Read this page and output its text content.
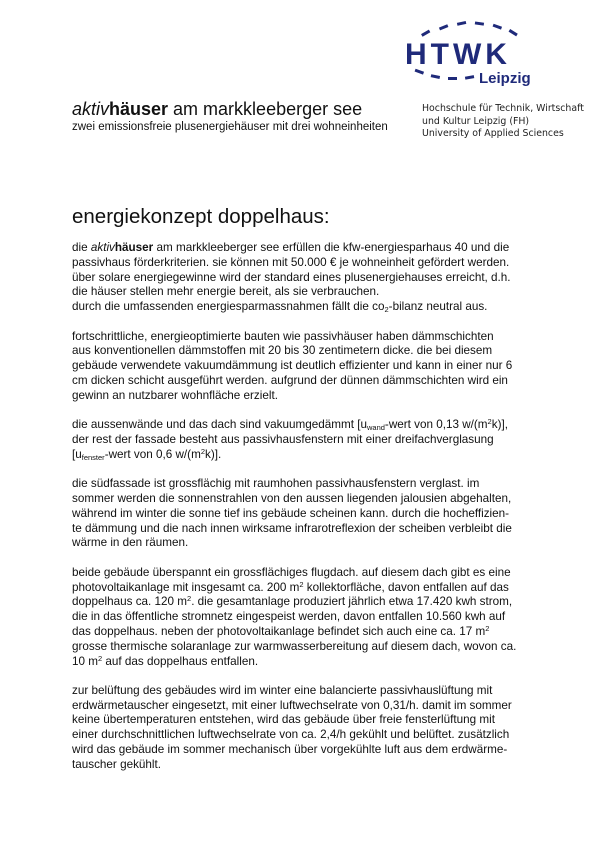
HTWK
Leipzig
aktivhäuser am markkleeberger see
zwei emissionsfreie plusenergiehäuser mit drei wohneinheiten
Hochschule für Technik, Wirtschaft
und Kultur Leipzig (FH)
University of Applied Sciences
energiekonzept doppelhaus:

die aktivhäuser am markkleeberger see erfüllen die kfw-energiesparhaus 40 und die
passivhaus förderkriterien. sie können mit 50.000 € je wohneinheit gefördert werden.
über solare energiegewinne wird der standard eines plusenergiehauses erreicht, d.h.
die häuser stellen mehr energie bereit, als sie verbrauchen.
durch die umfassenden energiesparmassnahmen fällt die $co_2$-bilanz neutral aus.

fortschrittliche, energieoptimierte bauten wie passivhäuser haben dämmschichten
aus konventionellen dämmstoffen mit 20 bis 30 zentimetern dicke. die bei diesem
gebäude verwendete vakuumdämmung ist deutlich effizienter und kann in einer nur 6
cm dicken schicht ausgeführt werden. aufgrund der dünnen dämmschichten wird ein
gewinn an nutzbarer wohnfläche erzielt.

die aussenwände und das dach sind vakuumgedämmt [$u_{wand}$-wert von 0,13 $w/(m^2k)$],
der rest der fassade besteht aus passivhausfenstern mit einer dreifachverglasung
[$u_{fenster}$-wert von 0,6 $w/(m^2k)$].

die südfassade ist grossflächig mit raumhohen passivhausfenstern verglast. im
sommer werden die sonnenstrahlen von den aussen liegenden jalousien abgehalten,
während im winter die sonne tief ins gebäude scheinen kann. durch die hocheffizien-
te dämmung und die nach innen wirksame infrarotreflexion der scheiben verbleibt die
wärme in den räumen.

beide gebäude überspannt ein grossflächiges flugdach. auf diesem dach gibt es eine
photovoltaikanlage mit insgesamt ca. 200 $m^2$ kollektorfläche, davon entfallen auf das
doppelhaus ca. 120 $m^2$. die gesamtanlage produziert jährlich etwa 17.420 kwh strom,
die in das öffentliche stromnetz eingespeist werden, davon entfallen 10.560 kwh auf
das doppelhaus. neben der photovoltaikanlage befindet sich auch eine ca. 17 $m^2$
grosse thermische solaranlage zur warmwasserbereitung auf diesem dach, wovon ca.
10 $m^2$ auf das doppelhaus entfallen.

zur belüftung des gebäudes wird im winter eine balancierte passivhauslüftung mit
erdwärmetauscher eingesetzt, mit einer luftwechselrate von 0,31/h. damit im sommer
keine übertemperaturen entstehen, wird das gebäude über freie fensterlüftung mit
einer durchschnittlichen luftwechselrate von ca. 2,4/h gekühlt und belüftet. zusätzlich
wird das gebäude im sommer mechanisch über vorgekühlte luft aus dem erdwärme-
tauscher gekühlt.
